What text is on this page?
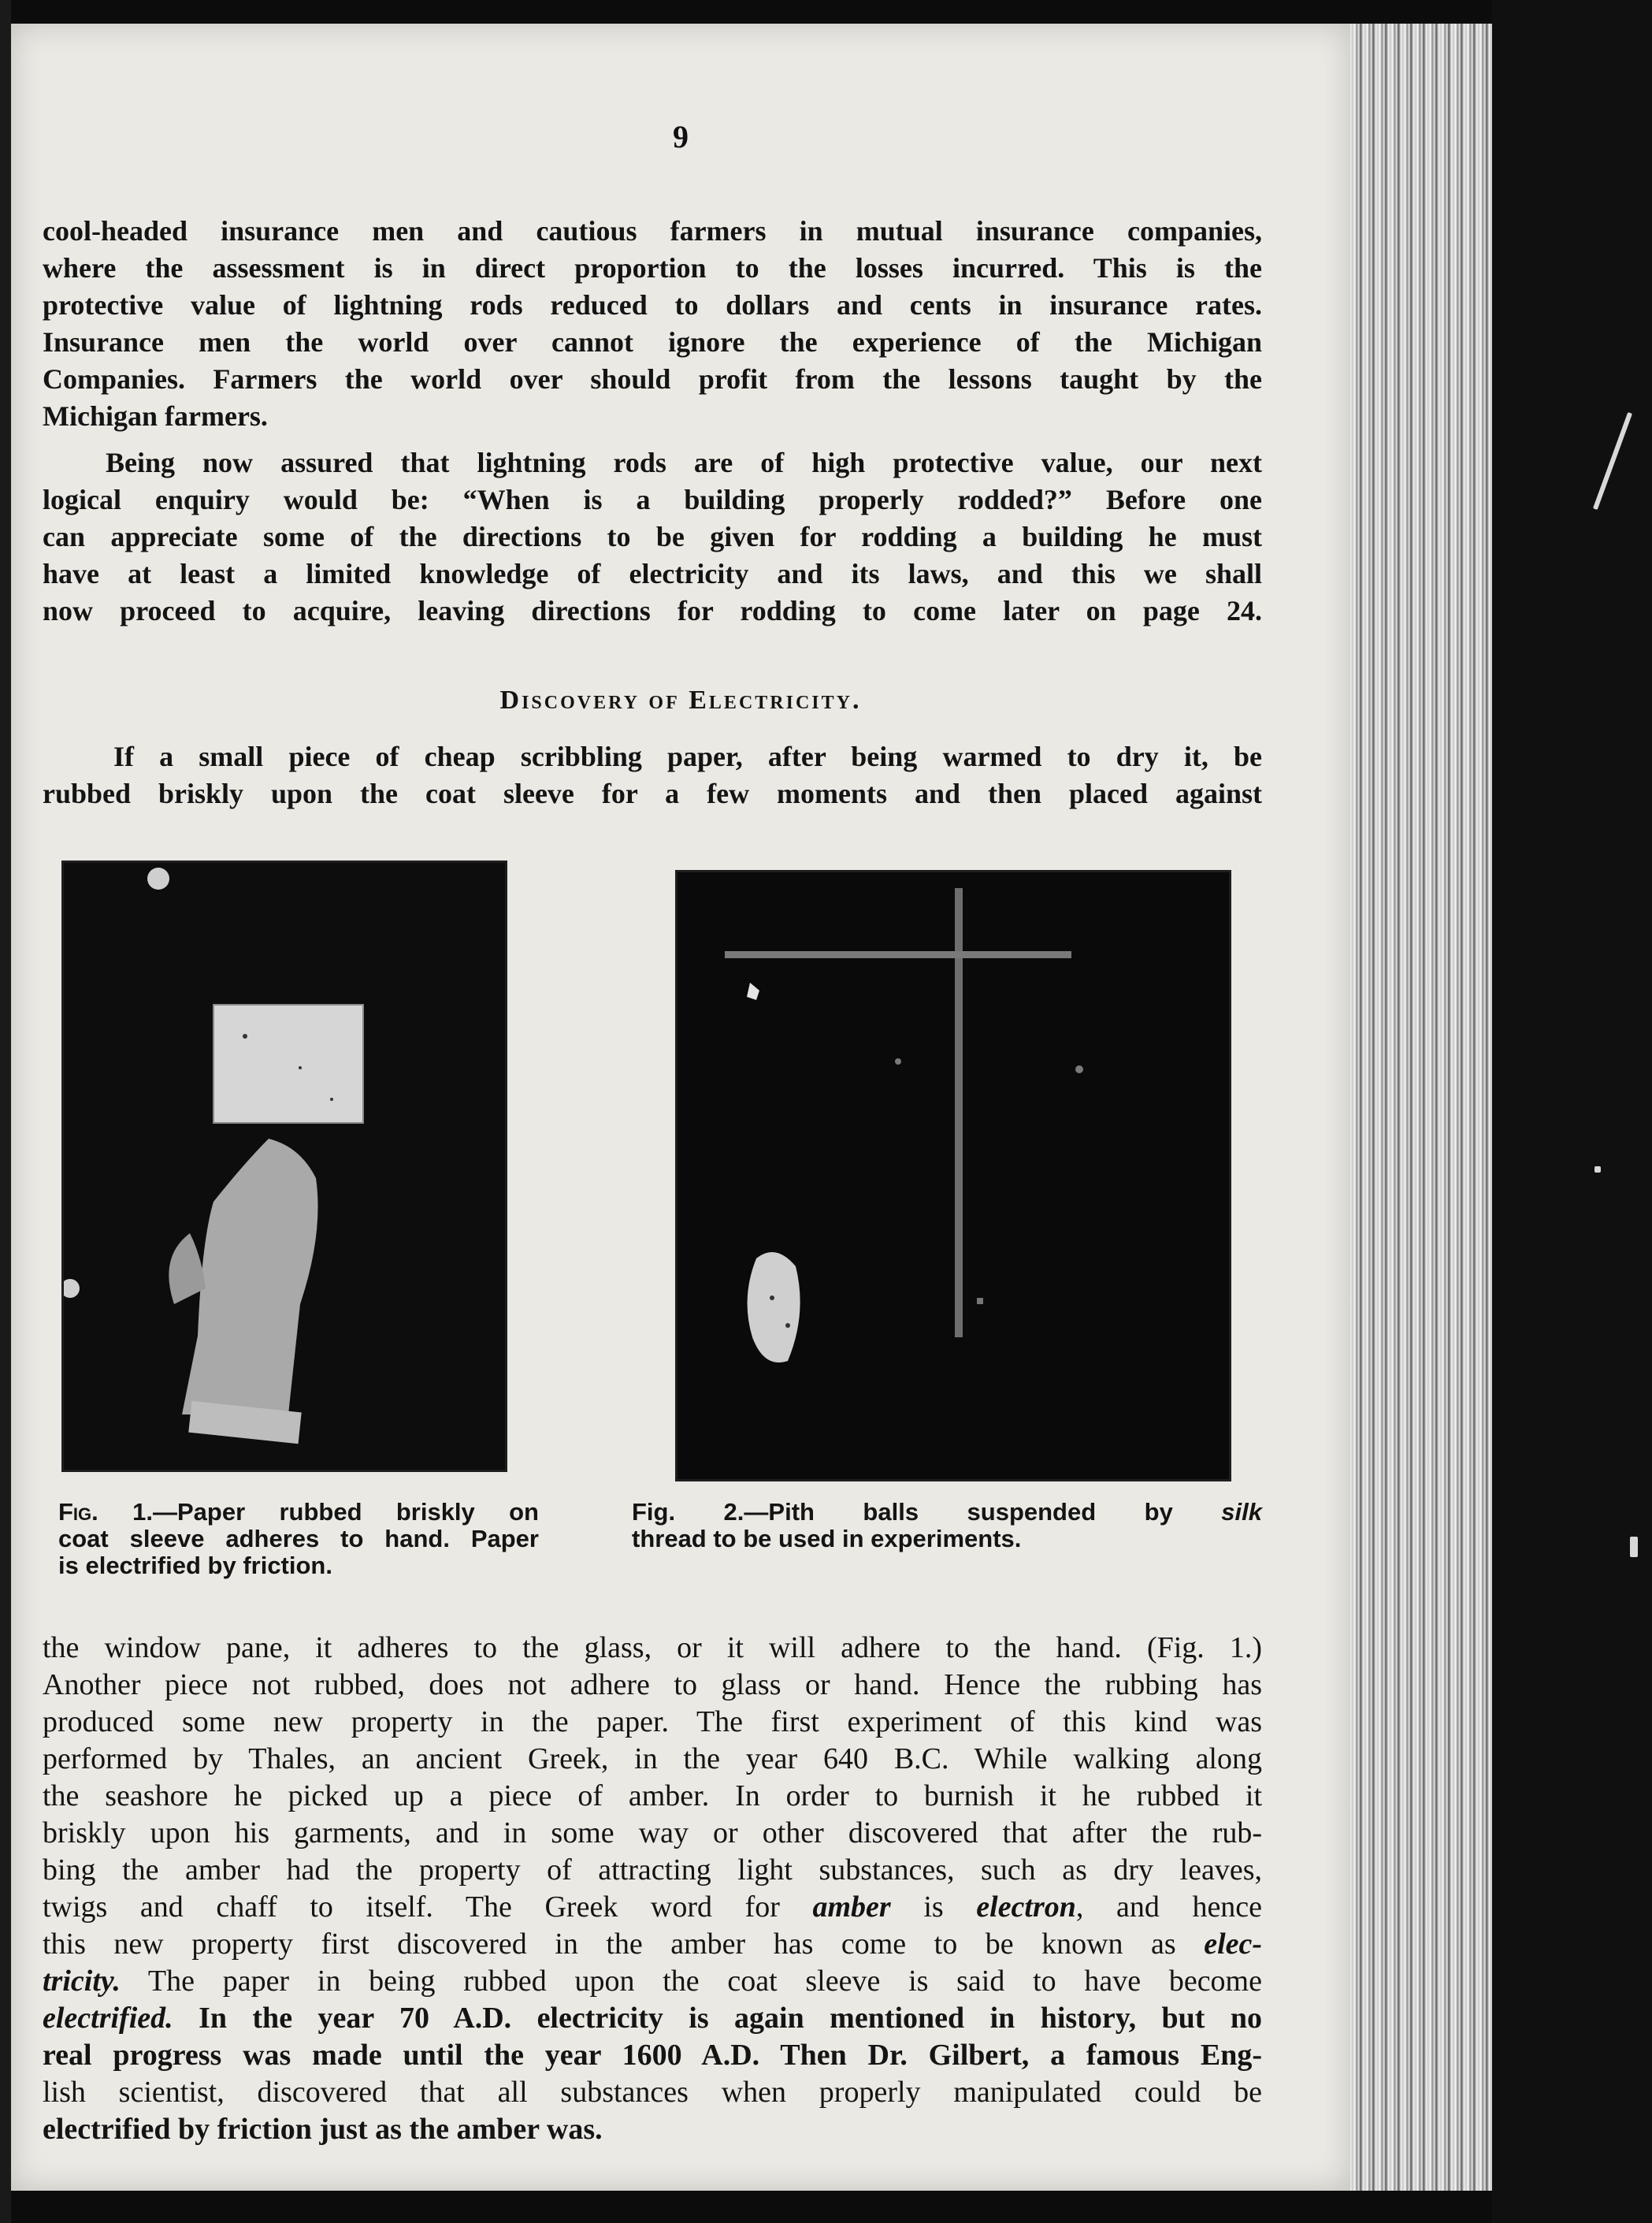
9

cool-headed insurance men and cautious farmers in mutual insurance companies,

where the assessment is in direct proportion to the losses incurred. This is the

protective value of lightning rods reduced to dollars and cents in insurance rates.

Insurance men the world over cannot ignore the experience of the Michigan

Companies. Farmers the world over should profit from the lessons taught by the

Michigan farmers.

Being now assured that lightning rods are of high protective value, our next

logical enquiry would be: “When is a building properly rodded?” Before one

can appreciate some of the directions to be given for rodding a building he must

have at least a limited knowledge of electricity and its laws, and this we shall

now proceed to acquire, leaving directions for rodding to come later on page 24.

Discovery of Electricity.

If a small piece of cheap scribbling paper, after being warmed to dry it, be

rubbed briskly upon the coat sleeve for a few moments and then placed against

Fig. 1.—Paper rubbed briskly on

coat sleeve adheres to hand. Paper

is electrified by friction.

Fig. 2.—Pith balls suspended by silk

thread to be used in experiments.

the window pane, it adheres to the glass, or it will adhere to the hand. (Fig. 1.)

Another piece not rubbed, does not adhere to glass or hand. Hence the rubbing has

produced some new property in the paper. The first experiment of this kind was

performed by Thales, an ancient Greek, in the year 640 B.C. While walking along

the seashore he picked up a piece of amber. In order to burnish it he rubbed it

briskly upon his garments, and in some way or other discovered that after the rub-

bing the amber had the property of attracting light substances, such as dry leaves,

twigs and chaff to itself. The Greek word for amber is electron, and hence

this new property first discovered in the amber has come to be known as elec-

tricity. The paper in being rubbed upon the coat sleeve is said to have become

electrified. In the year 70 A.D. electricity is again mentioned in history, but no

real progress was made until the year 1600 A.D. Then Dr. Gilbert, a famous Eng-

lish scientist, discovered that all substances when properly manipulated could be

electrified by friction just as the amber was.
